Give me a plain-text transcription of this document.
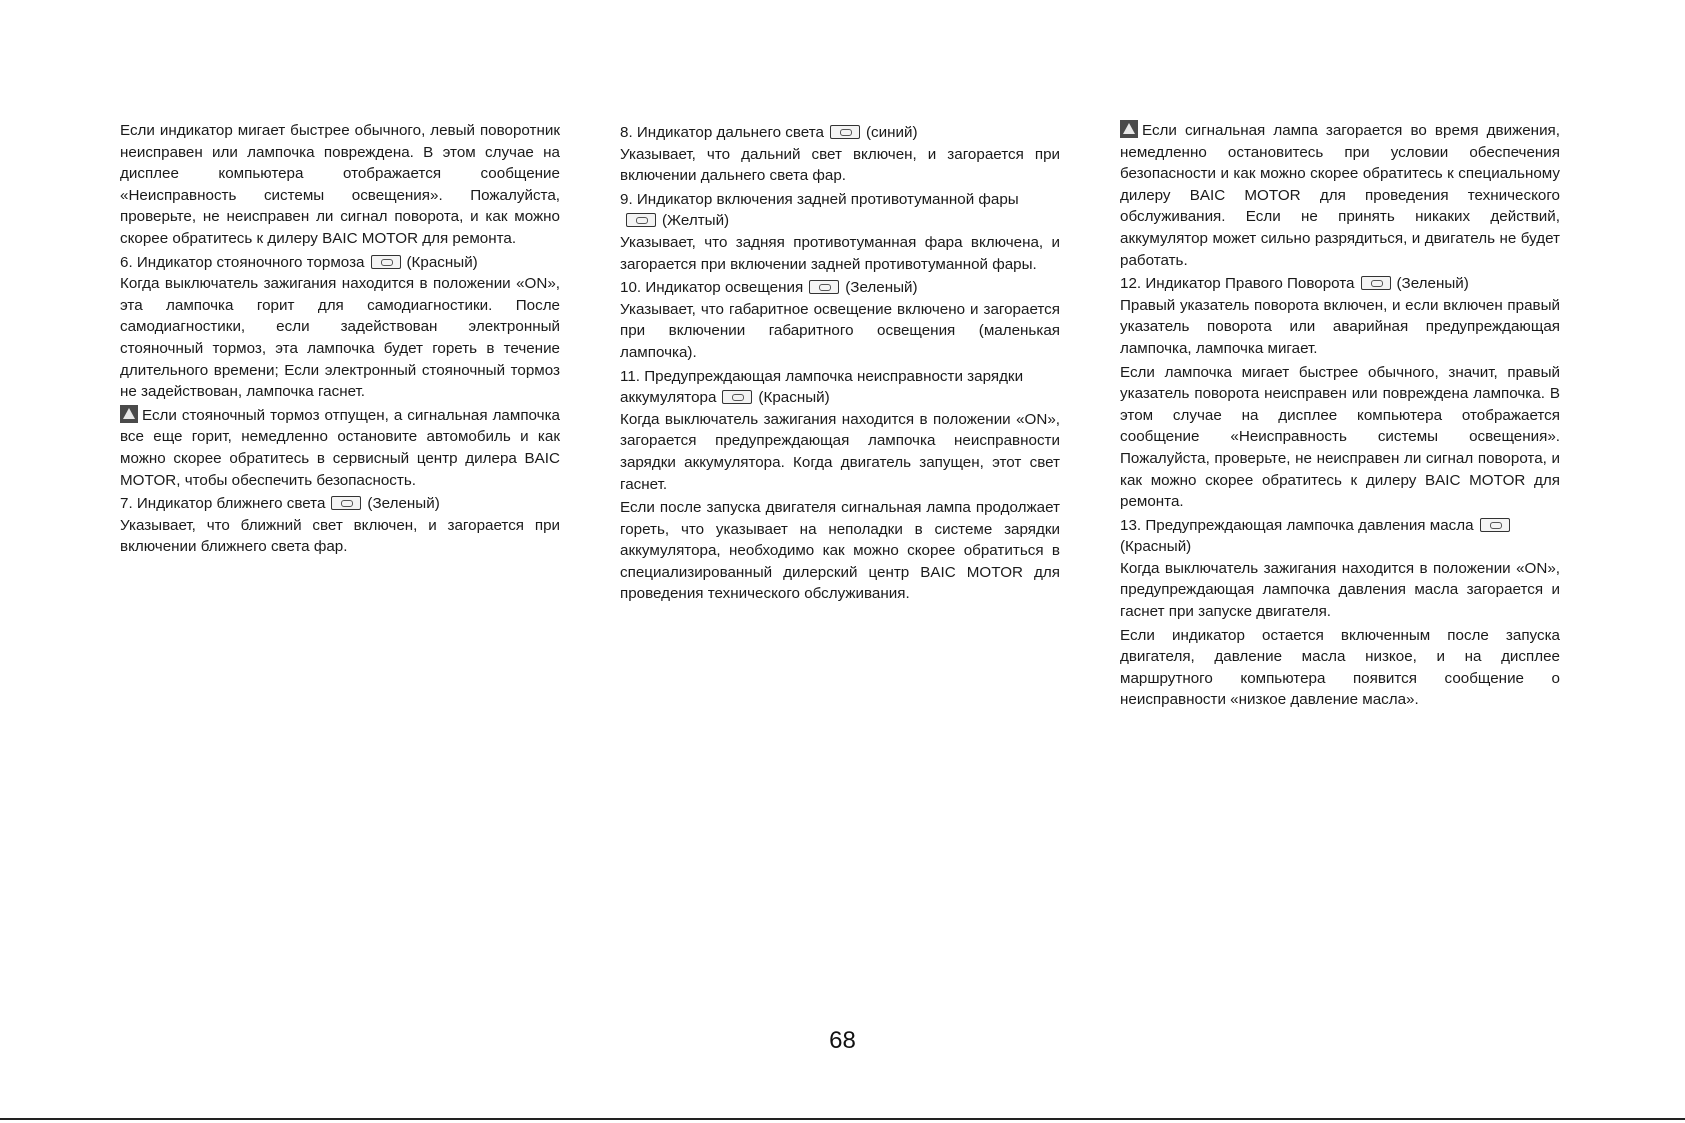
Если индикатор мигает быстрее обычного, левый поворотник неисправен или лампочка повреждена. В этом случае на дисплее компьютера отображается сообщение «Неисправность системы освещения». Пожалуйста, проверьте, не неисправен ли сигнал поворота, и как можно скорее обратитесь к дилеру BAIC MOTOR для ремонта.

6. Индикатор стояночного тормоза	(Красный)

Когда выключатель зажигания находится в положении «ON», эта лампочка горит для самодиагностики. После самодиагностики, если задействован электронный стояночный тормоз, эта лампочка будет гореть в течение длительного времени; Если электронный стояночный тормоз не задействован, лампочка гаснет.

Если стояночный тормоз отпущен, а сигнальная лампочка все еще горит, немедленно остановите автомобиль и как можно скорее обратитесь в сервисный центр дилера BAIC MOTOR, чтобы обеспечить безопасность.

7. Индикатор ближнего света	(Зеленый)

Указывает, что ближний свет включен, и загорается при включении ближнего света фар.

8. Индикатор дальнего света	(синий)

Указывает, что дальний свет включен, и загорается при включении дальнего света фар.

9. Индикатор включения задней противотуманной фары(Желтый)

Указывает, что задняя противотуманная фара включена, и загорается при включении задней противотуманной фары.

10. Индикатор освещения	(Зеленый)

Указывает, что габаритное освещение включено и загорается при включении габаритного освещения (маленькая лампочка).

11. Предупреждающая лампочка неисправности зарядки аккумулятора	(Красный)

Когда выключатель зажигания находится в положении «ON», загорается предупреждающая лампочка неисправности зарядки аккумулятора. Когда двигатель запущен, этот свет гаснет.

Если после запуска двигателя сигнальная лампа продолжает гореть, что указывает на неполадки в системе зарядки аккумулятора, необходимо как можно скорее обратиться в специализированный дилерский центр BAIC MOTOR для проведения технического обслуживания.

Если сигнальная лампа загорается во время движения, немедленно остановитесь при условии обеспечения безопасности и как можно скорее обратитесь к специальному дилеру BAIC MOTOR для проведения технического обслуживания. Если не принять никаких действий, аккумулятор может сильно разрядиться, и двигатель не будет работать.

12. Индикатор Правого Поворота	(Зеленый)

Правый указатель поворота включен, и если включен правый указатель поворота или аварийная предупреждающая лампочка, лампочка мигает.

Если лампочка мигает быстрее обычного, значит, правый указатель поворота неисправен или повреждена лампочка. В этом случае на дисплее компьютера отображается сообщение «Неисправность системы освещения». Пожалуйста, проверьте, не неисправен ли сигнал поворота, и как можно скорее обратитесь к дилеру BAIC MOTOR для ремонта.

13. Предупреждающая лампочка давления масла(Красный)

Когда выключатель зажигания находится в положении «ON», предупреждающая лампочка давления масла загорается и гаснет при запуске двигателя.

Если индикатор остается включенным после запуска двигателя, давление масла низкое, и на дисплее маршрутного компьютера появится сообщение о неисправности «низкое давление масла».

68
